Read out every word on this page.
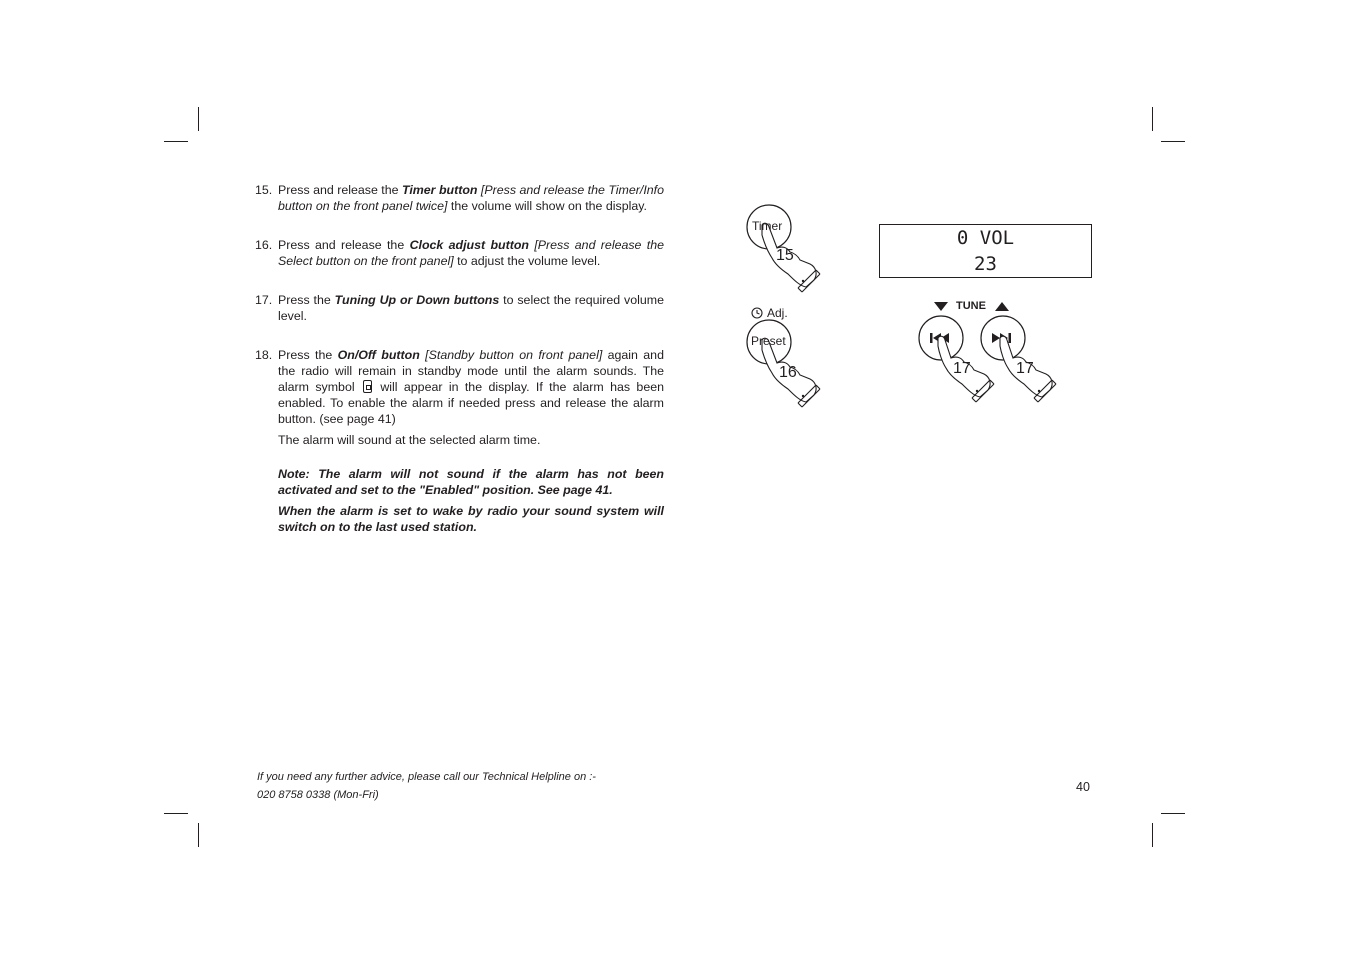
15. Press and release the Timer button [Press and release the Timer/Info button on the front panel twice] the volume will show on the display.

16. Press and release the Clock adjust button [Press and release the Select button on the front panel] to adjust the volume level.

17. Press the Tuning Up or Down buttons to select the required volume level.

18. Press the On/Off button [Standby button on front panel] again and the radio will remain in standby mode until the alarm sounds. The alarm symbol  will appear in the display. If the alarm has been enabled. To enable the alarm if needed press and release the alarm button. (see page 41)

The alarm will sound at the selected alarm time.

Note: The alarm will not sound if the alarm has not been activated and set to the "Enabled" position. See page 41.

When the alarm is set to wake by radio your sound system will switch on to the last used station.

If you need any further advice, please call our Technical Helpline on :-
020 8758 0338 (Mon-Fri)
40
0 VOL
23
Timer
15
Adj.
Preset
16
TUNE
17	17
